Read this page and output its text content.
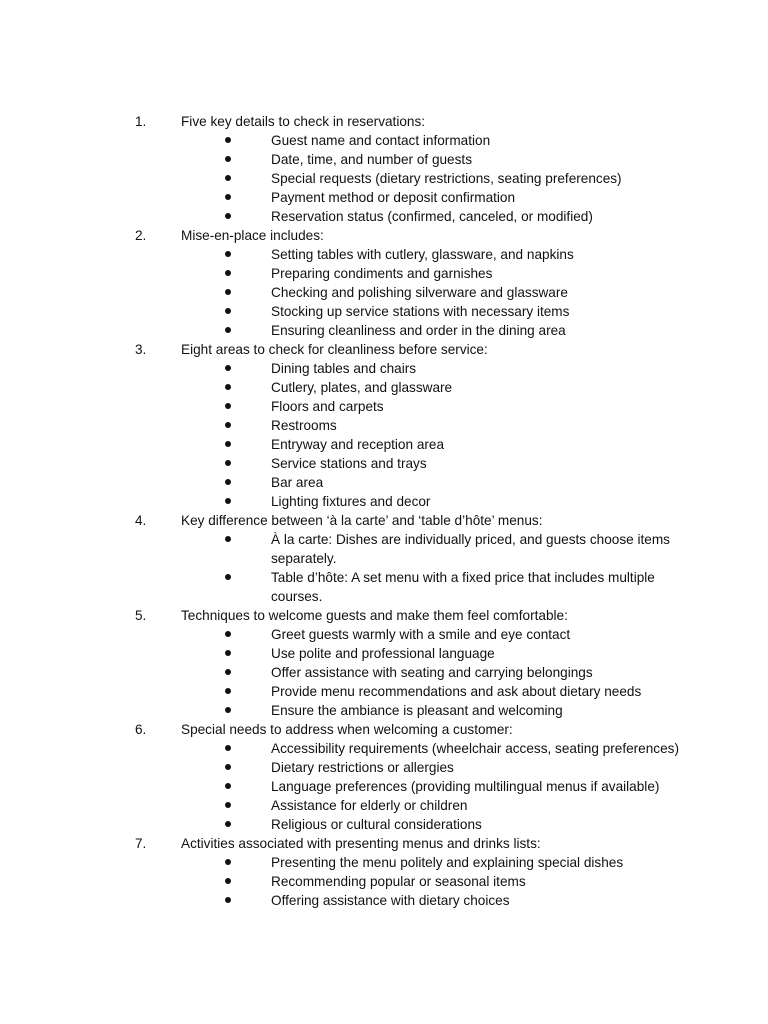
1.	Five key details to check in reservations:
Guest name and contact information
Date, time, and number of guests
Special requests (dietary restrictions, seating preferences)
Payment method or deposit confirmation
Reservation status (confirmed, canceled, or modified)
2.	Mise-en-place includes:
Setting tables with cutlery, glassware, and napkins
Preparing condiments and garnishes
Checking and polishing silverware and glassware
Stocking up service stations with necessary items
Ensuring cleanliness and order in the dining area
3.	Eight areas to check for cleanliness before service:
Dining tables and chairs
Cutlery, plates, and glassware
Floors and carpets
Restrooms
Entryway and reception area
Service stations and trays
Bar area
Lighting fixtures and decor
4.	Key difference between ‘à la carte’ and ‘table d’hôte’ menus:
À la carte: Dishes are individually priced, and guests choose items separately.
Table d’hôte: A set menu with a fixed price that includes multiple courses.
5.	Techniques to welcome guests and make them feel comfortable:
Greet guests warmly with a smile and eye contact
Use polite and professional language
Offer assistance with seating and carrying belongings
Provide menu recommendations and ask about dietary needs
Ensure the ambiance is pleasant and welcoming
6.	Special needs to address when welcoming a customer:
Accessibility requirements (wheelchair access, seating preferences)
Dietary restrictions or allergies
Language preferences (providing multilingual menus if available)
Assistance for elderly or children
Religious or cultural considerations
7.	Activities associated with presenting menus and drinks lists:
Presenting the menu politely and explaining special dishes
Recommending popular or seasonal items
Offering assistance with dietary choices
